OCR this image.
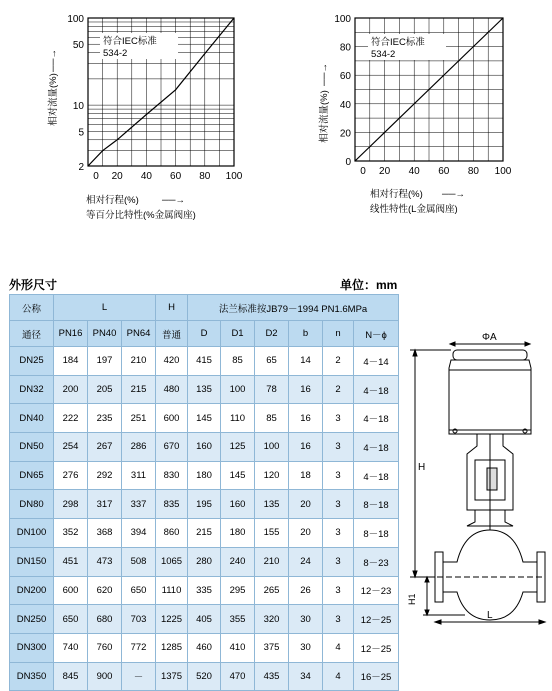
0 20 40 60 80 100
2
5
10
50
100
符合IEC标准
534-2
相对流量(%)
──→
相对行程(%) ──→
等百分比特性(%金属阀座)
0 20 40 60 80 100
0
20
40
60
80
100
符合IEC标准
534-2
相对流量(%)
──→
相对行程(%) ──→
线性特性(L金属阀座)
外形尺寸	单位：mm
公称	L			H	法兰标准按JB79－1994 PN1.6MPa					
通径	PN16	PN40	PN64	普通	D	D1	D2	b	n	N－ϕ
DN25	184	197	210	420	415	85	65	14	2	4－14
DN32	200	205	215	480	135	100	78	16	2	4－18
DN40	222	235	251	600	145	110	85	16	3	4－18
DN50	254	267	286	670	160	125	100	16	3	4－18
DN65	276	292	311	830	180	145	120	18	3	4－18
DN80	298	317	337	835	195	160	135	20	3	8－18
DN100	352	368	394	860	215	180	155	20	3	8－18
DN150	451	473	508	1065	280	240	210	24	3	8－23
DN200	600	620	650	1110	335	295	265	26	3	12－23
DN250	650	680	703	1225	405	355	320	30	3	12－25
DN300	740	760	772	1285	460	410	375	30	4	12－25
DN350	845	900	－	1375	520	470	435	34	4	16－25
ΦA
H
H1
L
